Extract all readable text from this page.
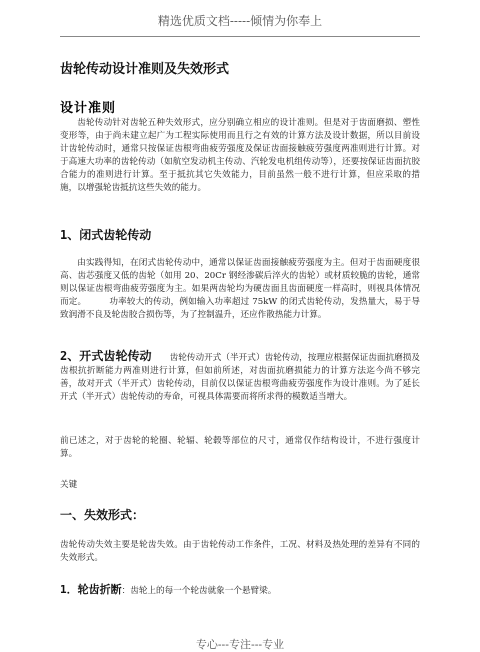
精选优质文档-----倾情为你奉上
齿轮传动设计准则及失效形式
设计准则
齿轮传动针对齿轮五种失效形式，应分别确立相应的设计准则。但是对于齿面磨损、塑性变形等，由于尚未建立起广为工程实际使用而且行之有效的计算方法及设计数据，所以目前设计齿轮传动时，通常只按保证齿根弯曲疲劳强度及保证齿面接触疲劳强度两准则进行计算。对于高速大功率的齿轮传动（如航空发动机主传动、汽轮发电机组传动等），还要按保证齿面抗胶合能力的准则进行计算。至于抵抗其它失效能力，目前虽然一般不进行计算，但应采取的措施，以增强轮齿抵抗这些失效的能力。
1、闭式齿轮传动
由实践得知，在闭式齿轮传动中，通常以保证齿面接触疲劳强度为主。但对于齿面硬度很高、齿芯强度又低的齿轮（如用 20、20Cr 钢经渗碳后淬火的齿轮）或材质较脆的齿轮，通常则以保证齿根弯曲疲劳强度为主。如果两齿轮均为硬齿面且齿面硬度一样高时，则视具体情况而定。	功率较大的传动，例如输入功率超过 75kW 的闭式齿轮传动，发热量大，易于导致润滑不良及轮齿胶合损伤等，为了控制温升，还应作散热能力计算。
2、开式齿轮传动 齿轮传动开式（半开式）齿轮传动，按理应根据保证齿面抗磨损及齿根抗折断能力两准则进行计算，但如前所述，对齿面抗磨损能力的计算方法迄今尚不够完善，故对开式（半开式）齿轮传动，目前仅以保证齿根弯曲疲劳强度作为设计准则。为了延长开式（半开式）齿轮传动的寿命，可视具体需要而将所求得的模数适当增大。
前已述之，对于齿轮的轮圈、轮辐、轮毂等部位的尺寸，通常仅作结构设计，不进行强度计算。
关键
一、失效形式：
齿轮传动失效主要是轮齿失效。由于齿轮传动工作条件，工况、材料及热处理的差异有不同的失效形式。
1．轮齿折断：齿轮上的每一个轮齿就象一个悬臂梁。
专心---专注---专业
